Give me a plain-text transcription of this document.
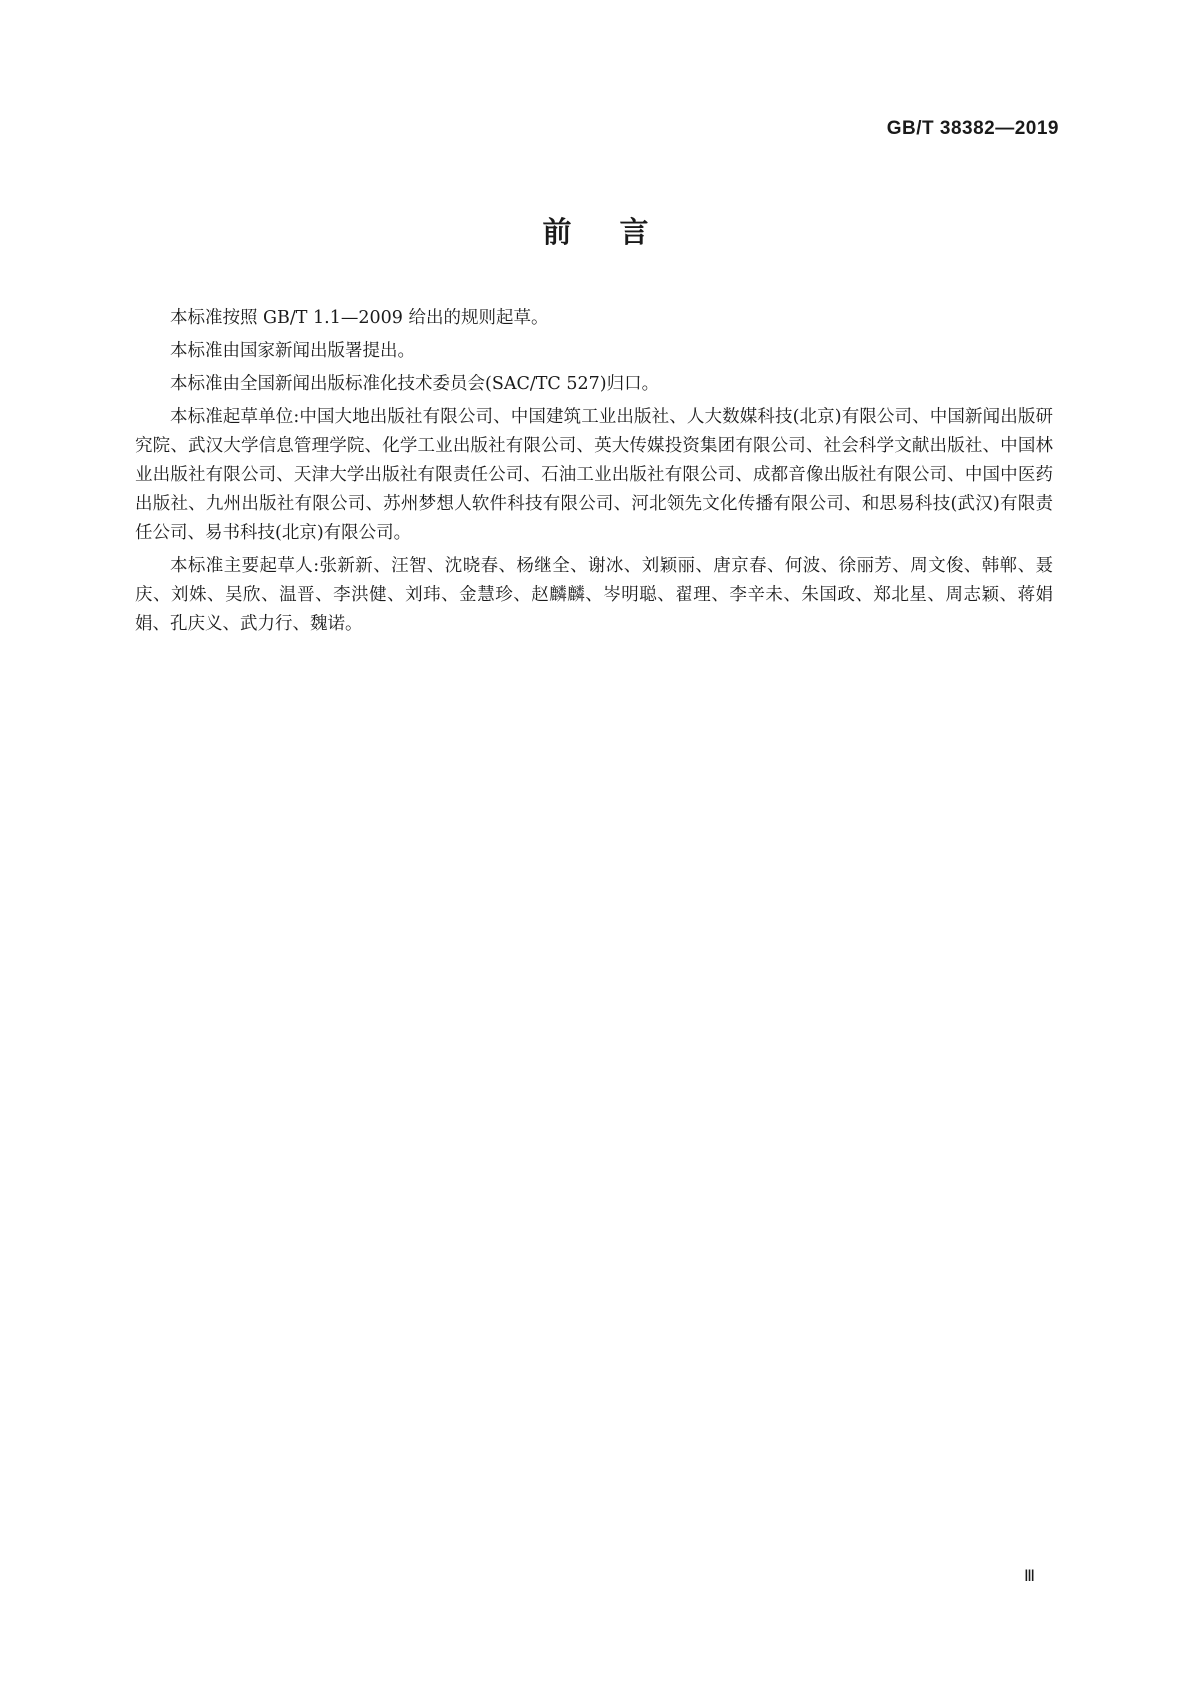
GB/T 38382—2019
前言

本标准按照 GB/T 1.1—2009 给出的规则起草。

本标准由国家新闻出版署提出。

本标准由全国新闻出版标准化技术委员会(SAC/TC 527)归口。

本标准起草单位:中国大地出版社有限公司、中国建筑工业出版社、人大数媒科技(北京)有限公司、中国新闻出版研究院、武汉大学信息管理学院、化学工业出版社有限公司、英大传媒投资集团有限公司、社会科学文献出版社、中国林业出版社有限公司、天津大学出版社有限责任公司、石油工业出版社有限公司、成都音像出版社有限公司、中国中医药出版社、九州出版社有限公司、苏州梦想人软件科技有限公司、河北领先文化传播有限公司、和思易科技(武汉)有限责任公司、易书科技(北京)有限公司。

本标准主要起草人:张新新、汪智、沈晓春、杨继全、谢冰、刘颖丽、唐京春、何波、徐丽芳、周文俊、韩郸、聂庆、刘姝、吴欣、温晋、李洪健、刘玮、金慧珍、赵麟麟、岑明聪、翟理、李辛未、朱国政、郑北星、周志颖、蒋娟娟、孔庆义、武力行、魏诺。

Ⅲ
